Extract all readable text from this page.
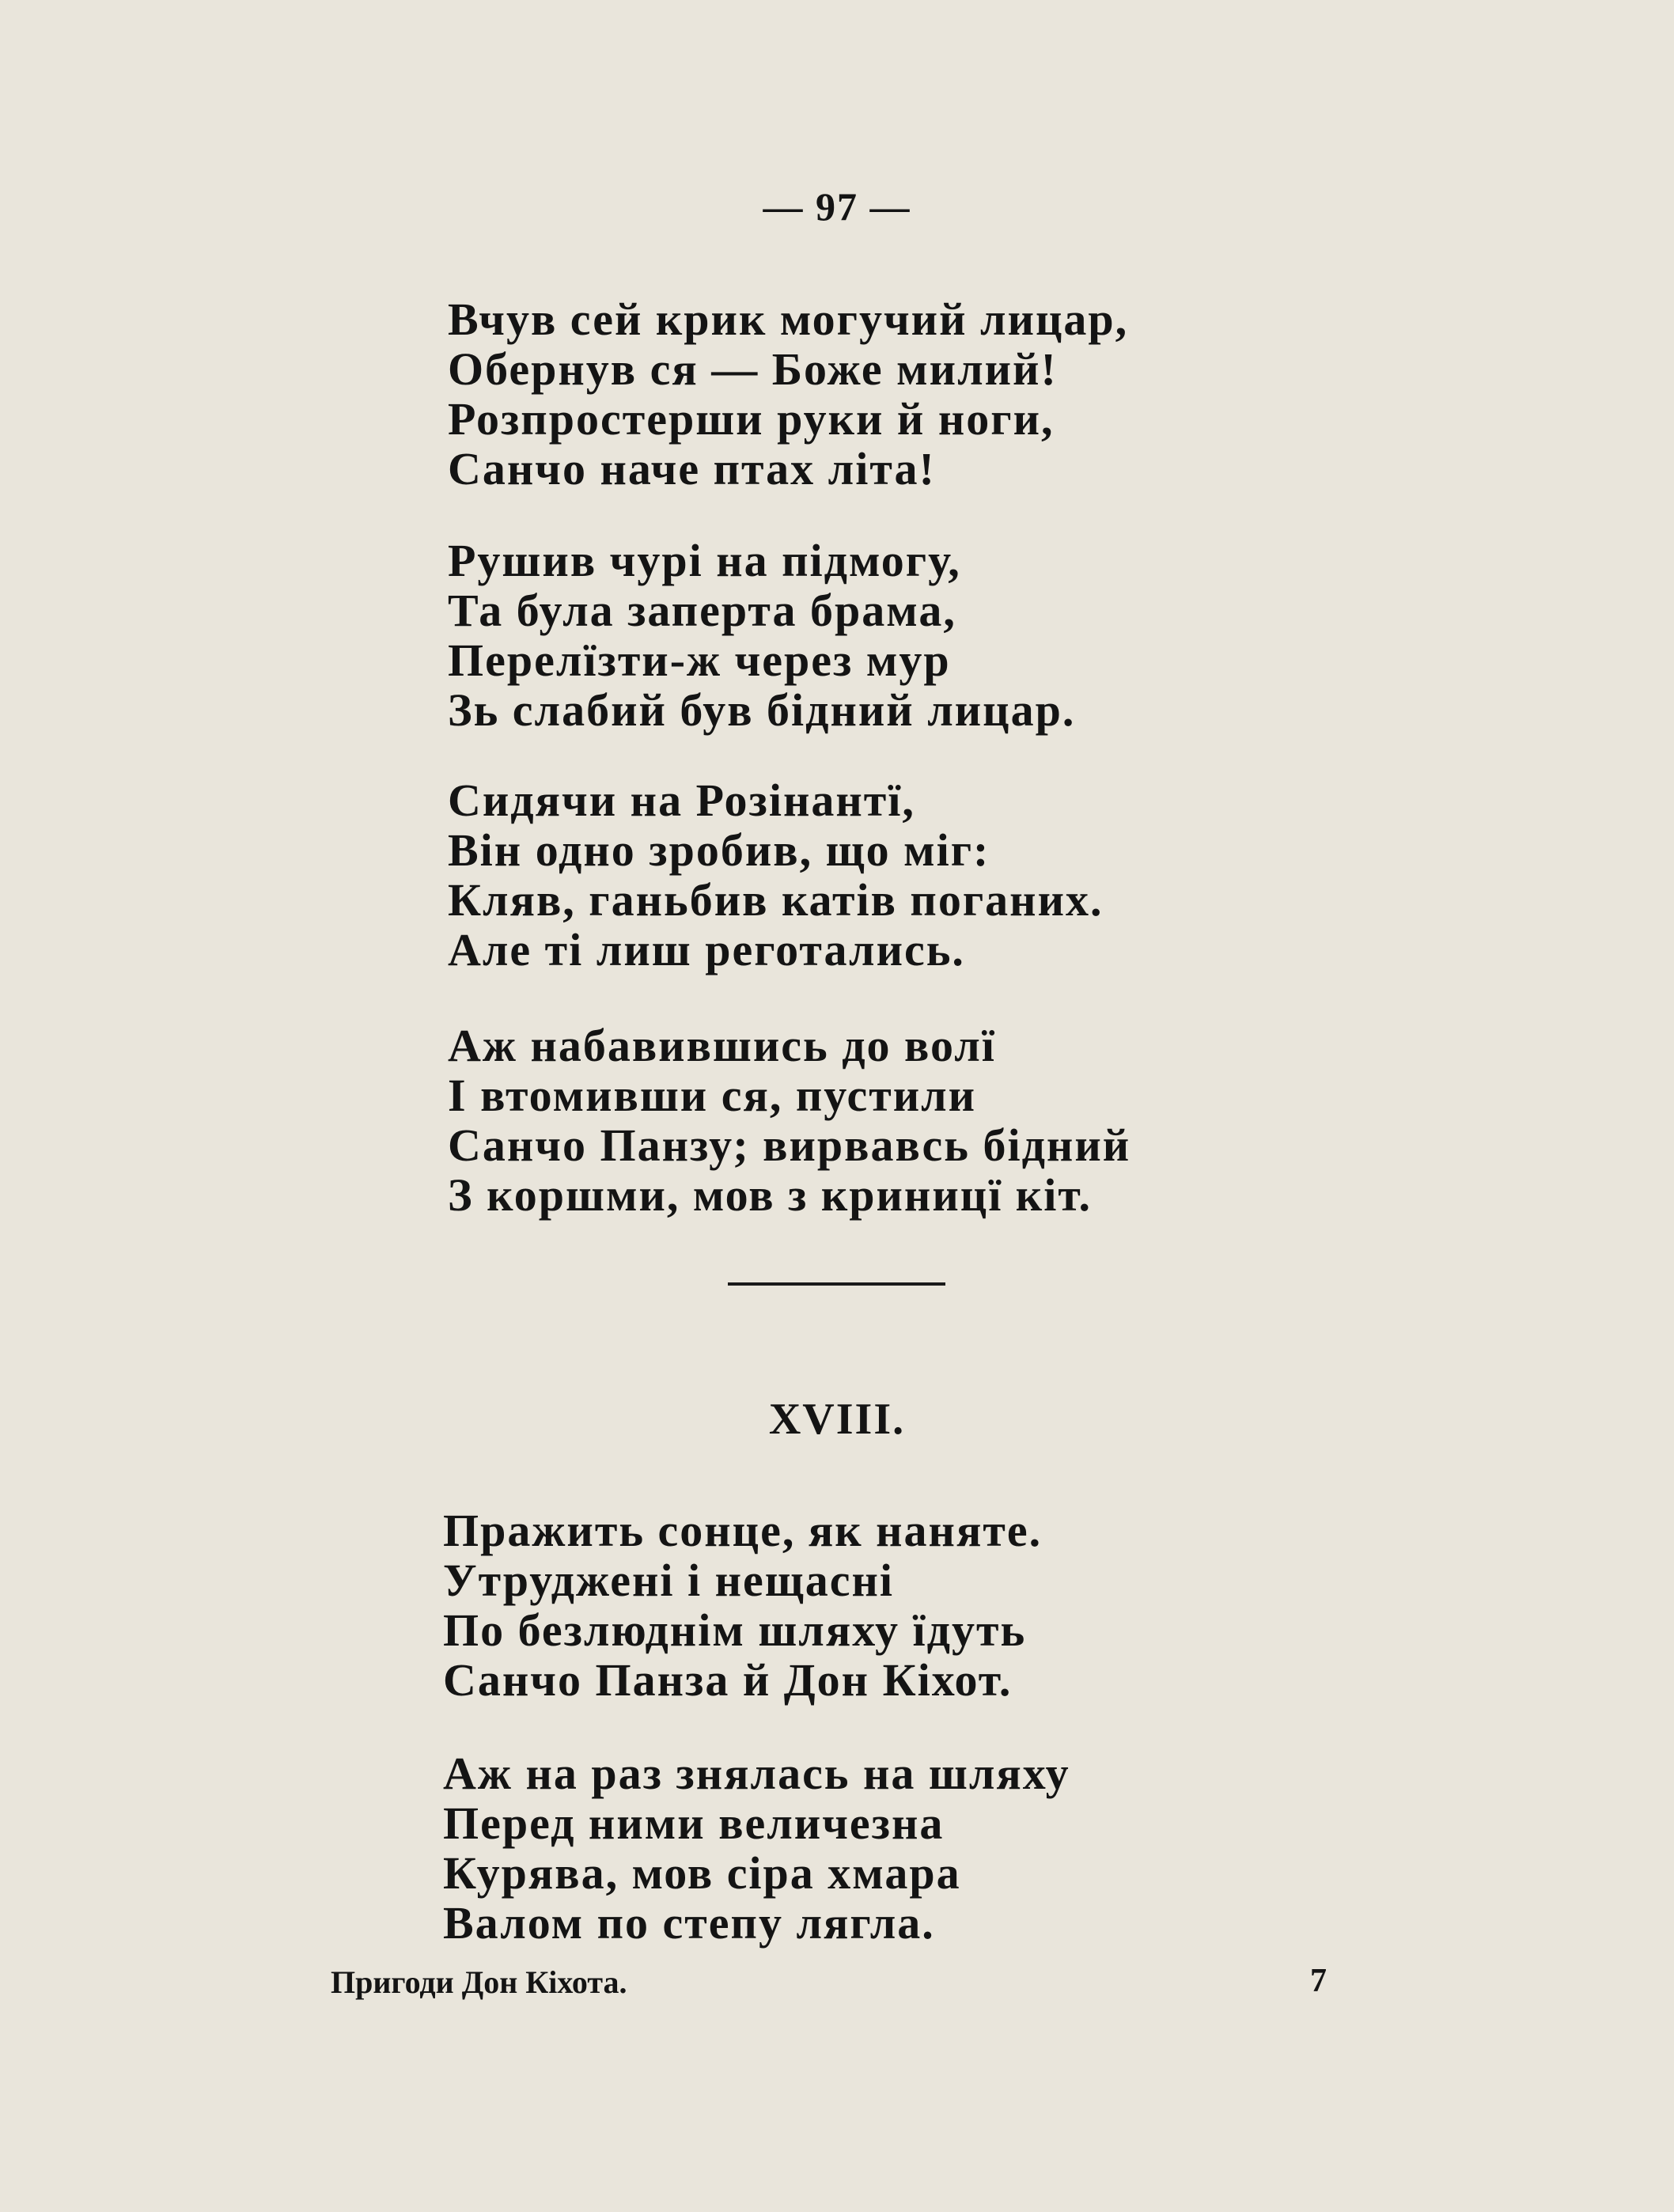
— 97 —
Вчув сей крик могучий лицар,
Обернув ся — Боже милий!
Розпростерши руки й ноги,
Санчо наче птах літа!
Рушив чурі на підмогу,
Та була заперта брама,
Перелїзти-ж через мур
Зь слабий був бідний лицар.
Сидячи на Розінантї,
Він одно зробив, що міг:
Кляв, ганьбив катів поганих.
Але ті лиш реготались.
Аж набавившись до волї
І втомивши ся, пустили
Санчо Панзу; вирвавсь бідний
З коршми, мов з криницї кіт.
XVIII.
Пражить сонце, як наняте.
Утруджені і нещасні
По безлюднім шляху їдуть
Санчо Панза й Дон Кіхот.
Аж на раз знялась на шляху
Перед ними величезна
Курява, мов сіра хмара
Валом по степу лягла.
Пригоди Дон Кіхота.	7
